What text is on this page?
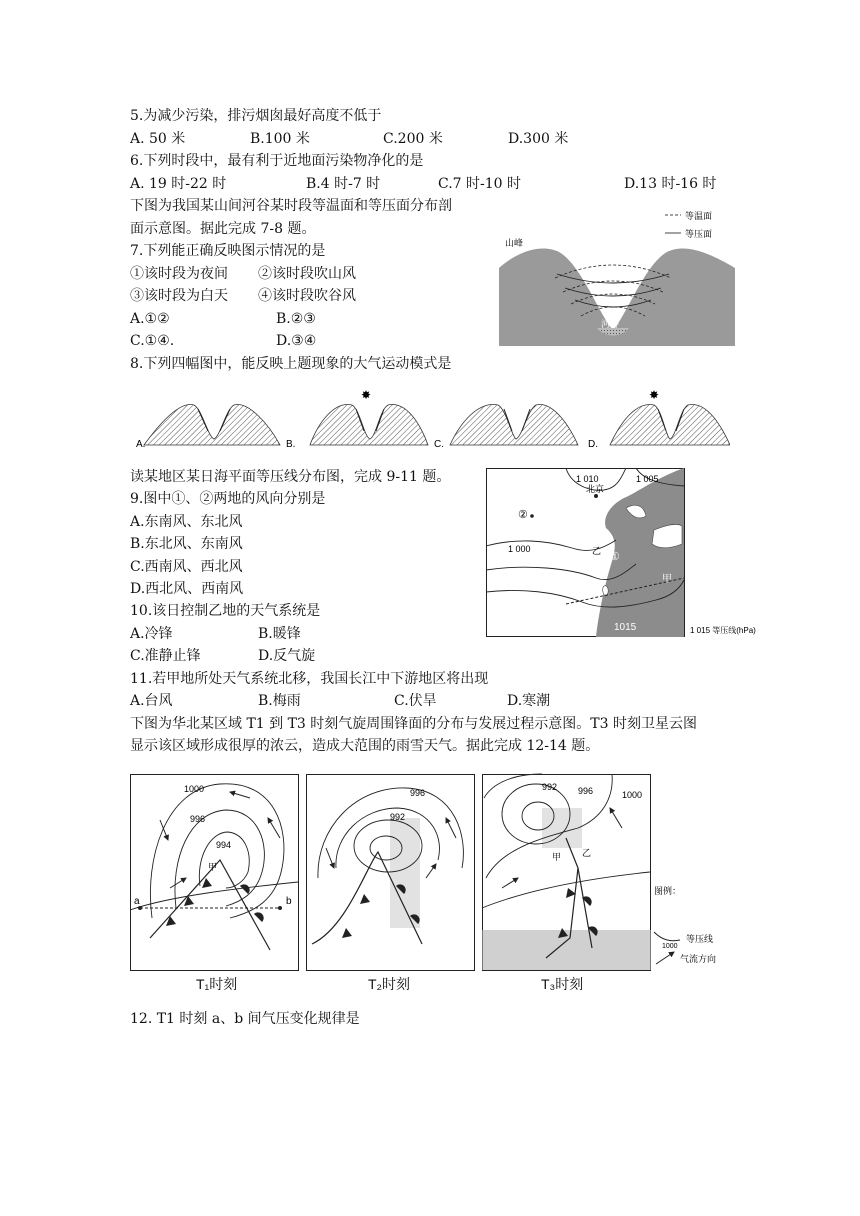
5.为减少污染，排污烟囱最好高度不低于
A. 50 米	B.100 米	C.200 米	D.300 米
6.下列时段中，最有利于近地面污染物净化的是
A. 19 时-22 时	B.4 时-7 时	C.7 时-10 时	D.13 时-16 时
下图为我国某山间河谷某时段等温面和等压面分布剖
面示意图。据此完成 7-8 题。
7.下列能正确反映图示情况的是
①该时段为夜间 ②该时段吹山风
③该时段为白天 ④该时段吹谷风
A.①②	B.②③
C.①④.	D.③④
等温面
等压面
山峰
河谷
8.下列四幅图中，能反映上题现象的大气运动模式是
A.
✸
B.	C.
✸
D.
读某地区某日海平面等压线分布图，完成 9-11 题。
9.图中①、②两地的风向分别是
A.东南风、东北风
B.东北风、东南风
C.西南风、西北风
D.西北风、西南风
10.该日控制乙地的天气系统是
A.冷锋	B.暖锋
C.准静止锋	D.反气旋
11.若甲地所处天气系统北移，我国长江中下游地区将出现
A.台风	B.梅雨	C.伏旱	D.寒潮
1 010	1 005
北京
②
1 000	乙 ①
甲
1015	1 015 等压线(hPa)
下图为华北某区域 T1 到 T3 时刻气旋周围锋面的分布与发展过程示意图。T3 时刻卫星云图
显示该区域形成很厚的浓云，造成大范围的雨雪天气。据此完成 12-14 题。
1000
996
994
甲
a	b
996
992
992 996	1000
乙
甲
图例：
1000
等压线
气流方向
T₁时刻	T₂时刻	T₃时刻
12. T1 时刻 a、b 间气压变化规律是
